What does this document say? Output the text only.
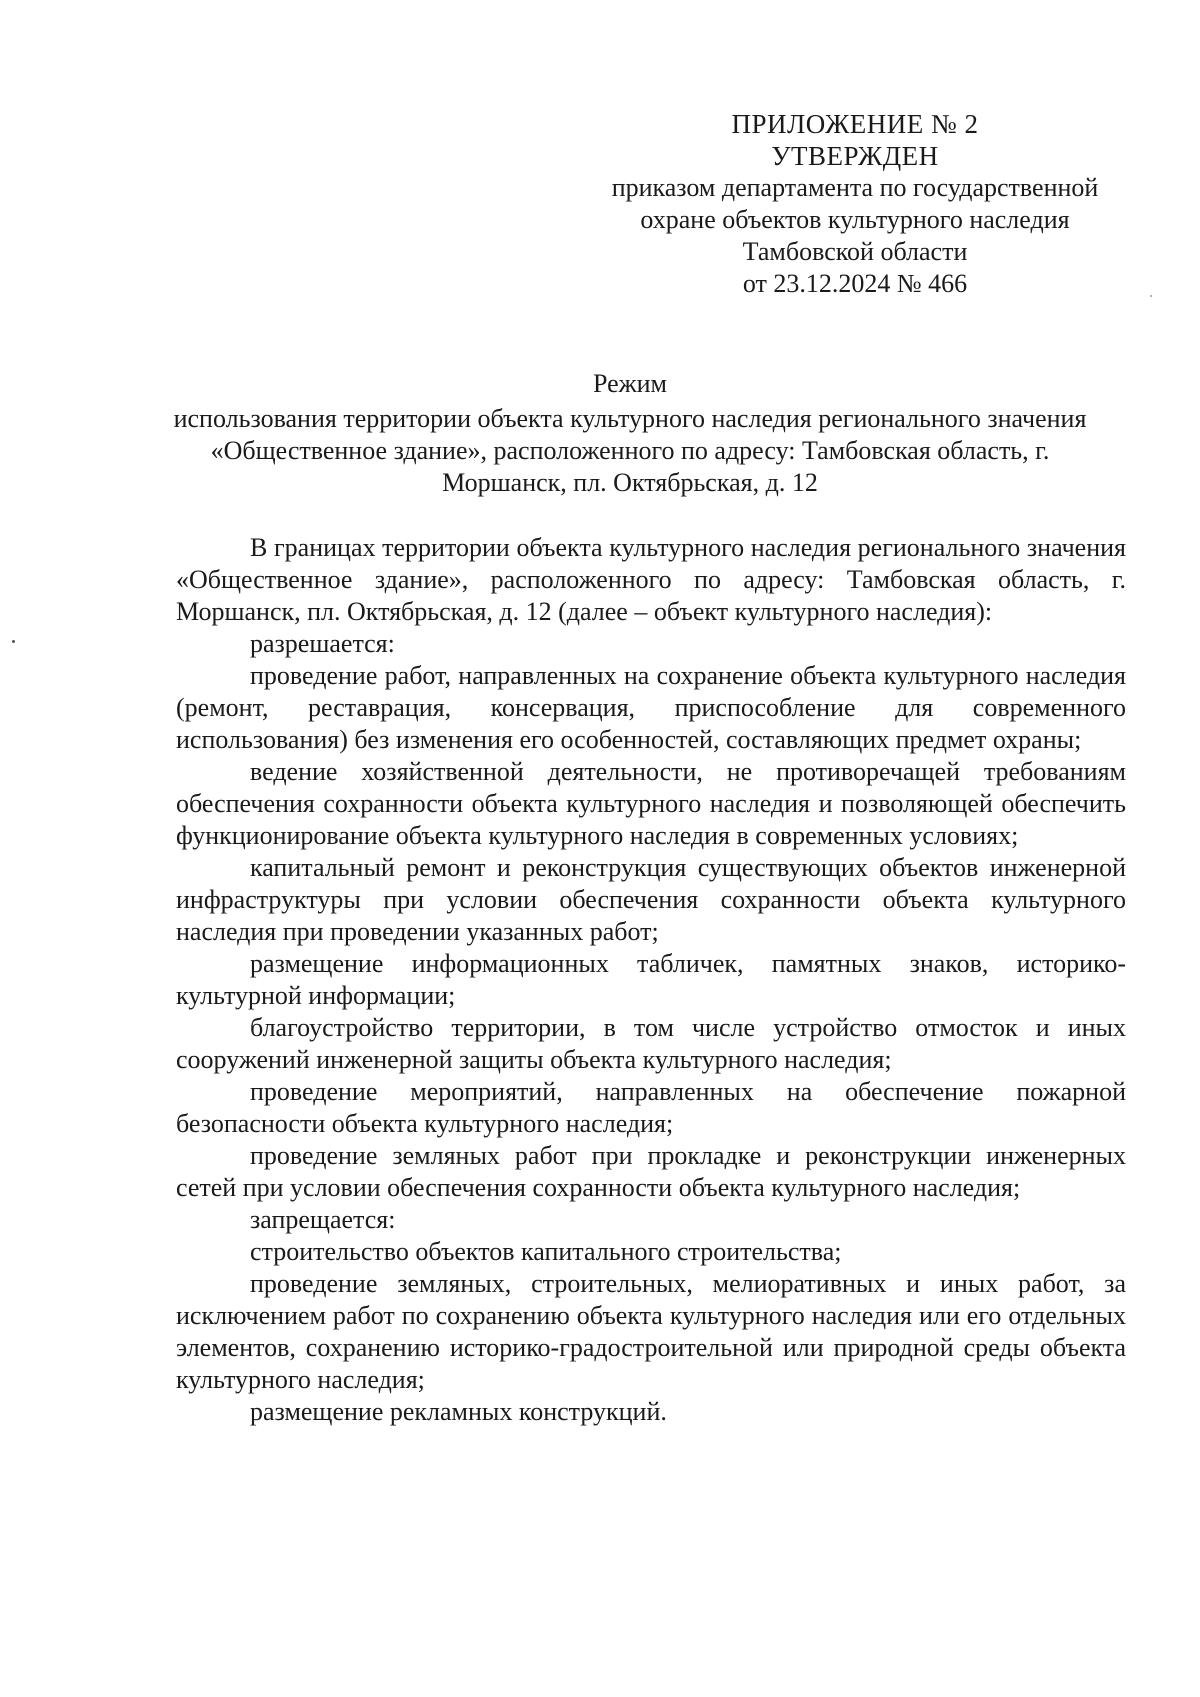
ПРИЛОЖЕНИЕ № 2
УТВЕРЖДЕН
приказом департамента по государственной
охране объектов культурного наследия
Тамбовской области
от 23.12.2024 № 466
Режим
использования территории объекта культурного наследия регионального значения «Общественное здание», расположенного по адресу: Тамбовская область, г. Моршанск, пл. Октябрьская, д. 12

В границах территории объекта культурного наследия регионального значения «Общественное здание», расположенного по адресу: Тамбовская область, г. Моршанск, пл. Октябрьская, д. 12 (далее – объект культурного наследия):

разрешается:

проведение работ, направленных на сохранение объекта культурного наследия (ремонт, реставрация, консервация, приспособление для современного использования) без изменения его особенностей, составляющих предмет охраны;

ведение хозяйственной деятельности, не противоречащей требованиям обеспечения сохранности объекта культурного наследия и позволяющей обеспечить функционирование объекта культурного наследия в современных условиях;

капитальный ремонт и реконструкция существующих объектов инженерной инфраструктуры при условии обеспечения сохранности объекта культурного наследия при проведении указанных работ;

размещение информационных табличек, памятных знаков, историко-культурной информации;

благоустройство территории, в том числе устройство отмосток и иных сооружений инженерной защиты объекта культурного наследия;

проведение мероприятий, направленных на обеспечение пожарной безопасности объекта культурного наследия;

проведение земляных работ при прокладке и реконструкции инженерных сетей при условии обеспечения сохранности объекта культурного наследия;

запрещается:

строительство объектов капитального строительства;

проведение земляных, строительных, мелиоративных и иных работ, за исключением работ по сохранению объекта культурного наследия или его отдельных элементов, сохранению историко-градостроительной или природной среды объекта культурного наследия;

размещение рекламных конструкций.
